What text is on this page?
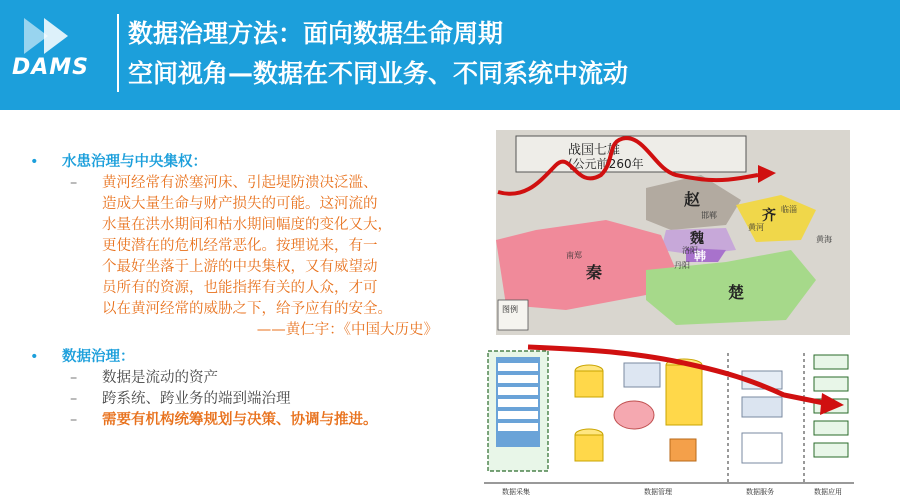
DAMS
数据治理方法：面向数据生命周期
空间视角—数据在不同业务、不同系统中流动
•	水患治理与中央集权：
–	黄河经常有淤塞河床、引起堤防溃决泛滥、
造成大量生命与财产损失的可能。这河流的
水量在洪水期间和枯水期间幅度的变化又大，
更使潜在的危机经常恶化。按理说来，有一
个最好坐落于上游的中央集权，又有威望动
员所有的资源，也能指挥有关的人众，才可
以在黄河经常的威胁之下，给予应有的安全。
——黄仁宇：《中国大历史》
•	数据治理：
–	数据是流动的资产
–	跨系统、跨业务的端到端治理
–	需要有机构统筹规划与决策、协调与推进。
战国七雄
(公元前260年
赵
齐
魏
韩
秦
楚
洛阳
黄河
黄海
临淄
邯郸
南郑
丹阳
图例
数据采集	数据管理	数据服务	数据应用
